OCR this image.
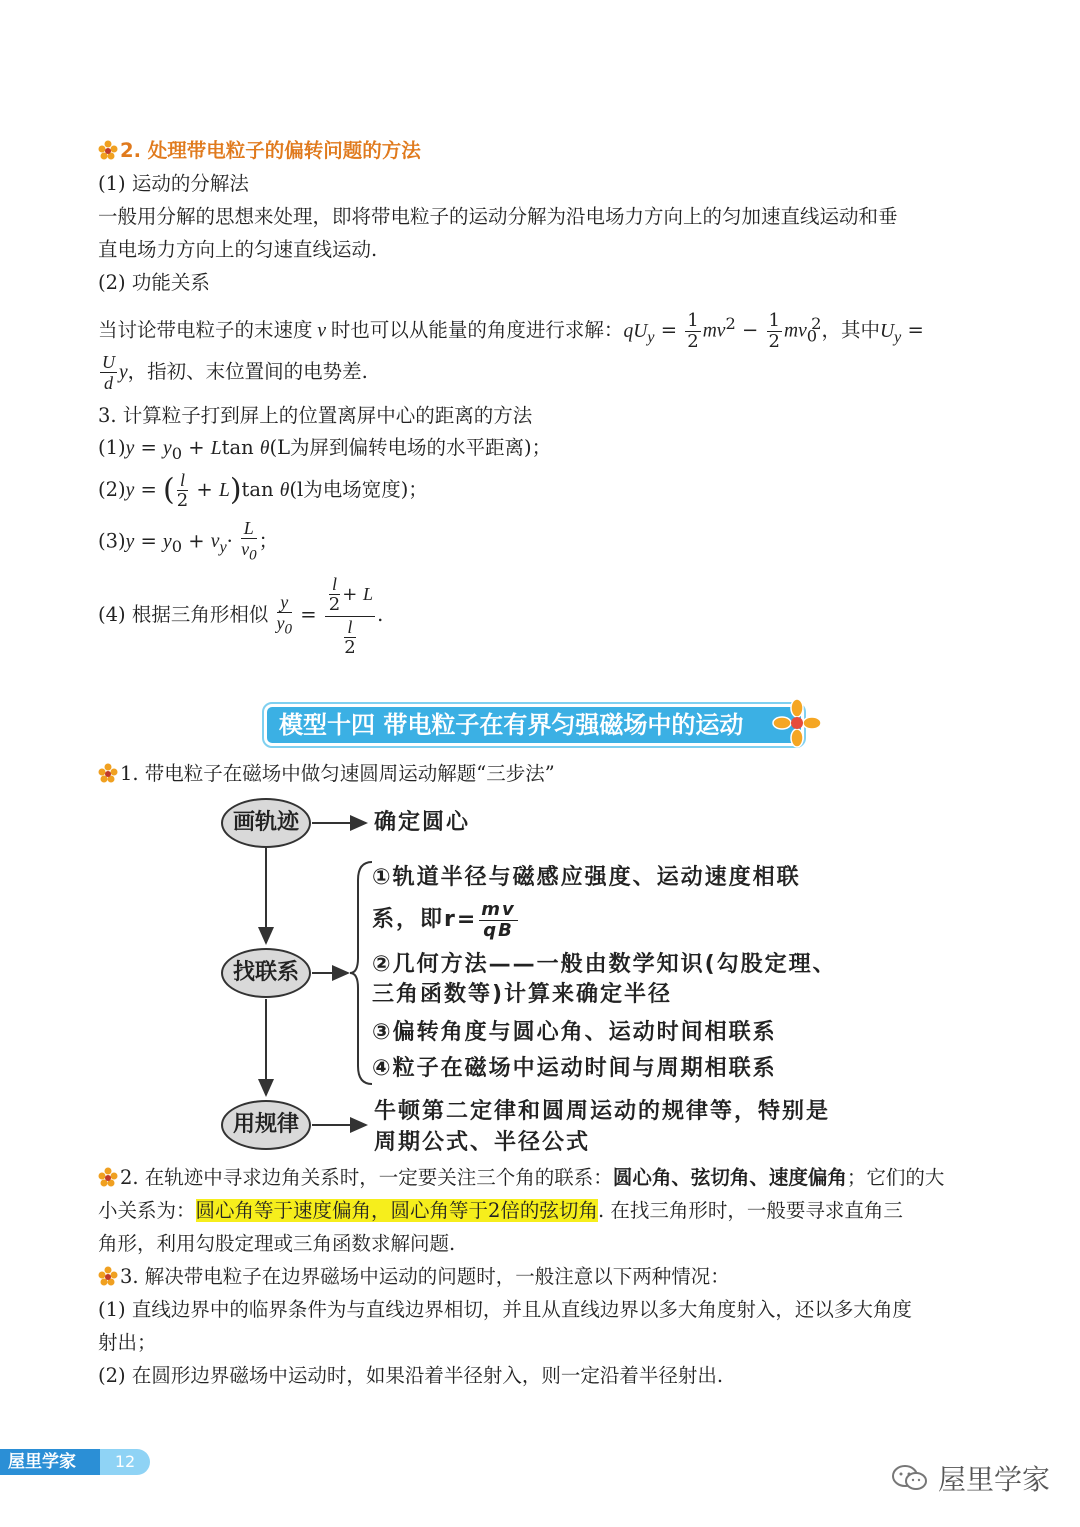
2. 处理带电粒子的偏转问题的方法
(1) 运动的分解法
一般用分解的思想来处理，即将带电粒子的运动分解为沿电场力方向上的匀加速直线运动和垂
直电场力方向上的匀速直线运动.
(2) 功能关系
当讨论带电粒子的末速度 v 时也可以从能量的角度进行求解：$qU_y = \frac{1}{2} mv^2 - \frac{1}{2} mv_0^2$，其中$U_y$ =
$\frac{U}{d}$ y，指初、末位置间的电势差.
3. 计算粒子打到屏上的位置离屏中心的距离的方法
$(1)y = y_0 + Ltan$ θ(L为屏到偏转电场的水平距离)；
(2)y = ( $\frac{l}{2} + L)\tan$ θ(l为电场宽度)；
$(3)y = y_0 + v_y\cdot \frac{L}{v_0}$ ；
(4) 根据三角形相似 $\frac{y}{y_0} = \frac{\frac{l}{2} + L}{\frac{l}{2}}$ .
模型十四 带电粒子在有界匀强磁场中的运动
1. 带电粒子在磁场中做匀速圆周运动解题“三步法”
画轨迹
找联系
用规律
确定圆心
①轨道半径与磁感应强度、运动速度相联
系，即$r= \frac{mv}{qB}$
②几何方法——一般由数学知识(勾股定理、
三角函数等)计算来确定半径
③偏转角度与圆心角、运动时间相联系
④粒子在磁场中运动时间与周期相联系
牛顿第二定律和圆周运动的规律等，特别是
周期公式、半径公式
2. 在轨迹中寻求边角关系时，一定要关注三个角的联系：圆心角、弦切角、速度偏角；它们的大
小关系为：圆心角等于速度偏角，圆心角等于2倍的弦切角. 在找三角形时，一般要寻求直角三
角形，利用勾股定理或三角函数求解问题.
3. 解决带电粒子在边界磁场中运动的问题时，一般注意以下两种情况：
(1) 直线边界中的临界条件为与直线边界相切，并且从直线边界以多大角度射入，还以多大角度
射出；
(2) 在圆形边界磁场中运动时，如果沿着半径射入，则一定沿着半径射出.
屋里学家	12
屋里学家
